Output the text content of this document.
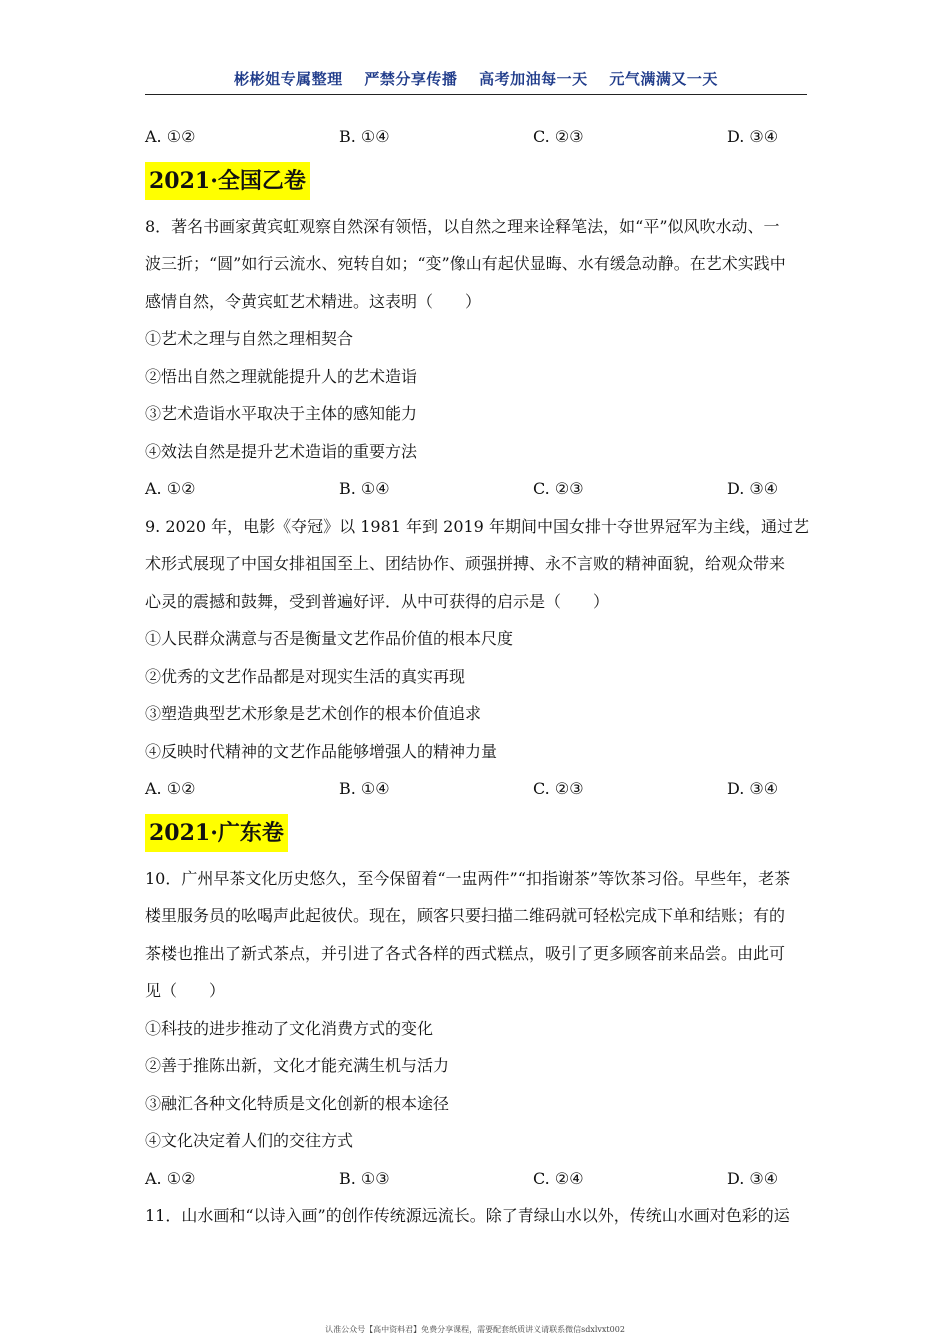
彬彬姐专属整理 严禁分享传播 高考加油每一天 元气满满又一天
A. ①②	B. ①④	C. ②③	D. ③④
2021·全国乙卷
8．著名书画家黄宾虹观察自然深有领悟，以自然之理来诠释笔法，如“平”似风吹水动、一
波三折；“圆”如行云流水、宛转自如；“变”像山有起伏显晦、水有缓急动静。在艺术实践中
感情自然，令黄宾虹艺术精进。这表明（　　）
①艺术之理与自然之理相契合
②悟出自然之理就能提升人的艺术造诣
③艺术造诣水平取决于主体的感知能力
④效法自然是提升艺术造诣的重要方法
A. ①②	B. ①④	C. ②③	D. ③④
9. 2020 年，电影《夺冠》以 1981 年到 2019 年期间中国女排十夺世界冠军为主线，通过艺
术形式展现了中国女排祖国至上、团结协作、顽强拼搏、永不言败的精神面貌，给观众带来
心灵的震撼和鼓舞，受到普遍好评．从中可获得的启示是（　　）
①人民群众满意与否是衡量文艺作品价值的根本尺度
②优秀的文艺作品都是对现实生活的真实再现
③塑造典型艺术形象是艺术创作的根本价值追求
④反映时代精神的文艺作品能够增强人的精神力量
A. ①②	B. ①④	C. ②③	D. ③④
2021·广东卷
10．广州早茶文化历史悠久，至今保留着“一盅两件”“扣指谢茶”等饮茶习俗。早些年，老茶
楼里服务员的吆喝声此起彼伏。现在，顾客只要扫描二维码就可轻松完成下单和结账；有的
茶楼也推出了新式茶点，并引进了各式各样的西式糕点，吸引了更多顾客前来品尝。由此可
见（　　）
①科技的进步推动了文化消费方式的变化
②善于推陈出新，文化才能充满生机与活力
③融汇各种文化特质是文化创新的根本途径
④文化决定着人们的交往方式
A. ①②	B. ①③	C. ②④	D. ③④
11．山水画和“以诗入画”的创作传统源远流长。除了青绿山水以外，传统山水画对色彩的运
认准公众号【高中资料君】免费分享课程，需要配套纸质讲义请联系微信sdxlvxt002
